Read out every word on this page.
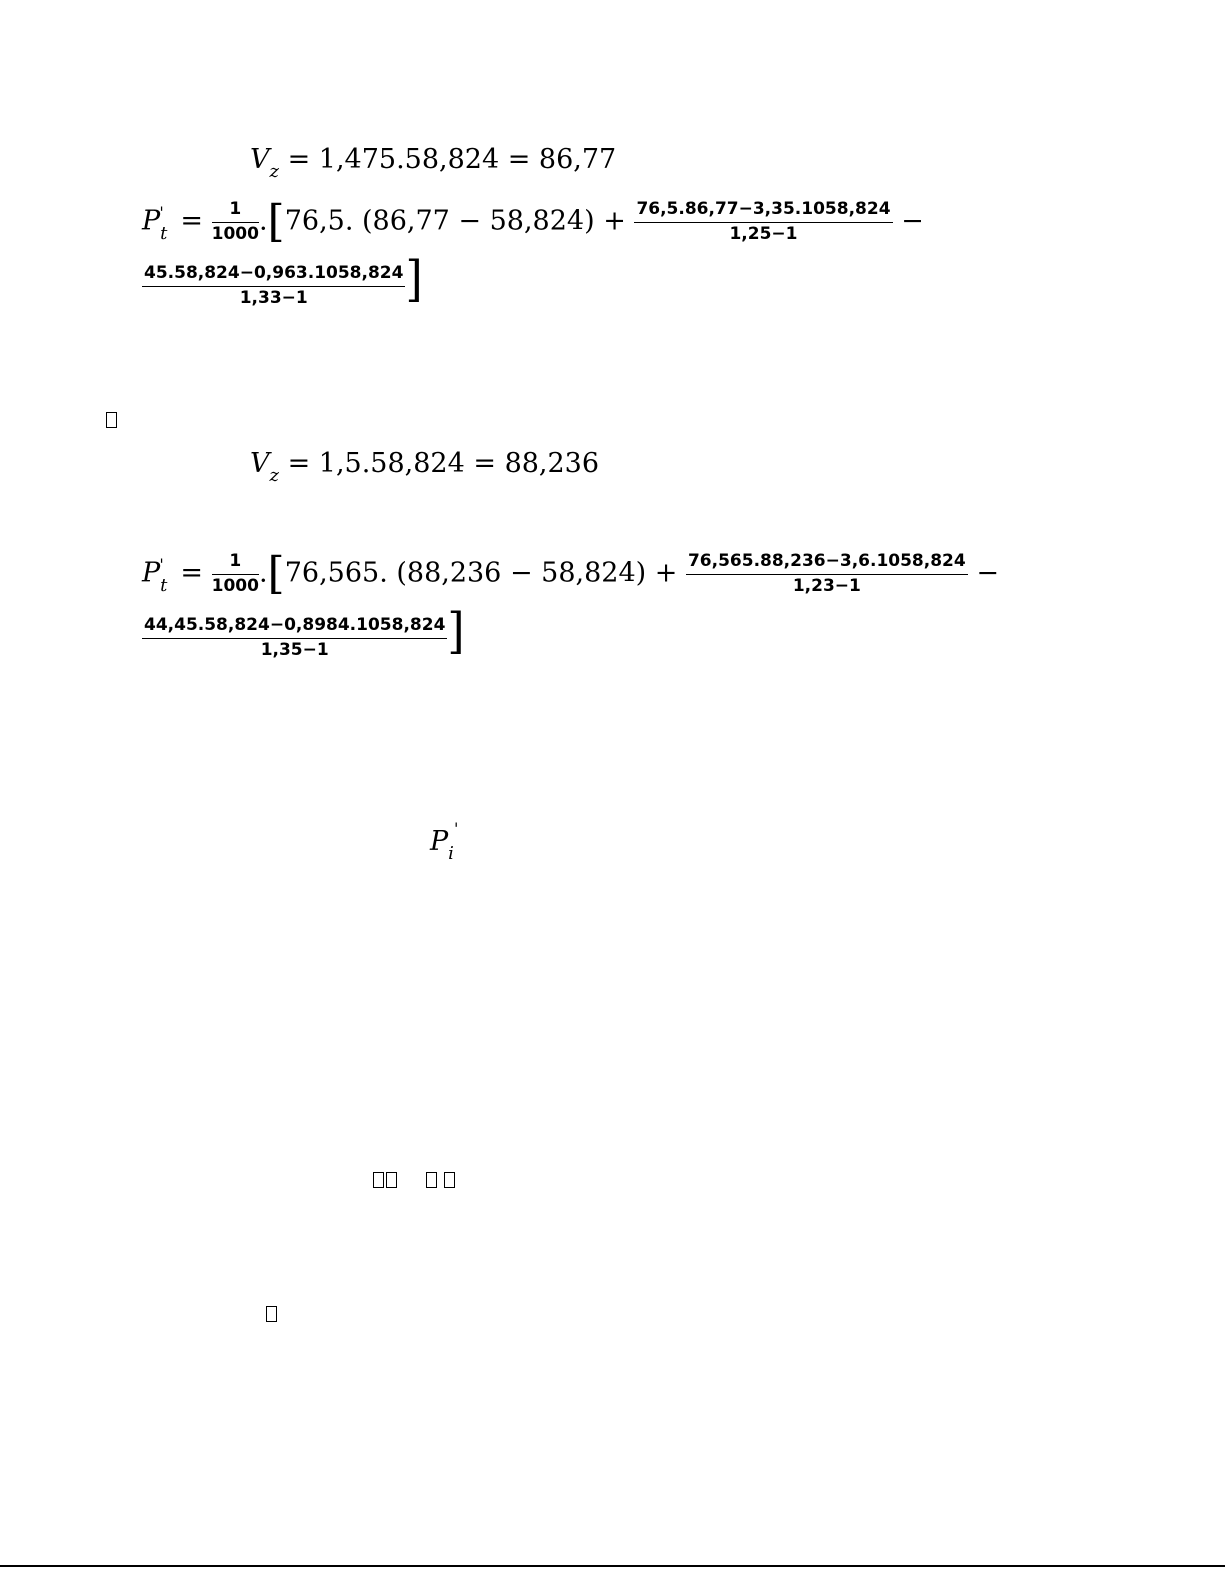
$V_z = 1,475.58,824 = 86,77$
$P_t' = \frac{1}{1000} .[76,5$. $(86,77 - 58,824) + \frac{76,5.86,77-3,35.1058,824}{1,25-1}$ −
$\frac{45.58,824-0,963.1058,824}{1,33-1}$ ]
$V_z = 1,5.58,824 = 88,236$
$P_t' = \frac{1}{1000} .[76,565$. $(88,236 - 58,824) + \frac{76,565.88,236-3,6.1058,824}{1,23-1}$ −
$\frac{44,45.58,824-0,8984.1058,824}{1,35-1}$ ]
$P_i'$
